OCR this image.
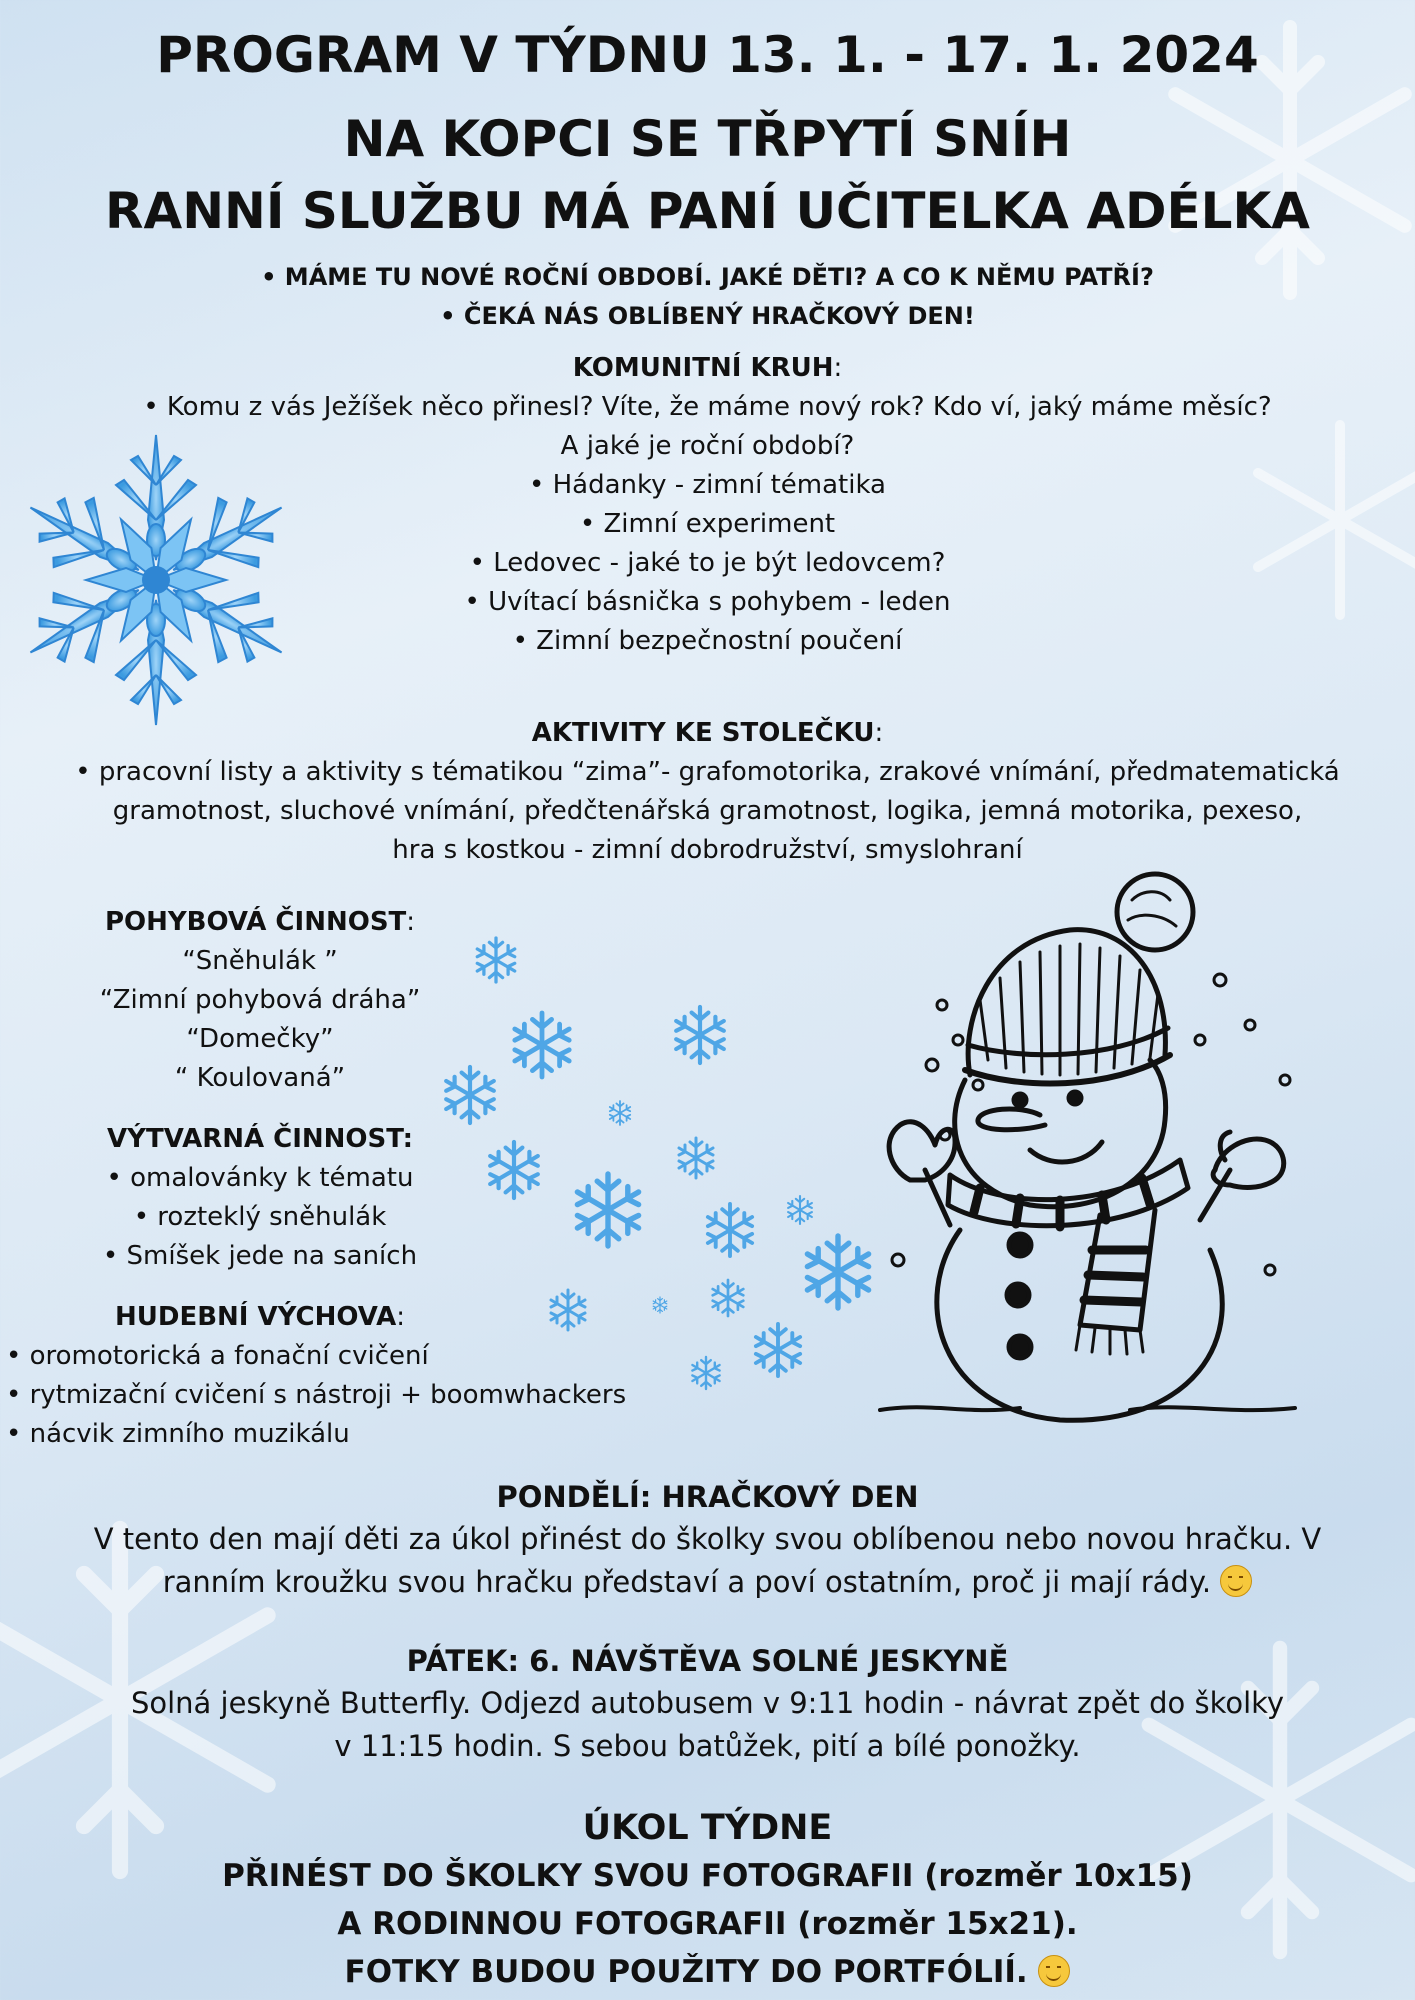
PROGRAM V TÝDNU 13. 1. - 17. 1. 2024
NA KOPCI SE TŘPYTÍ SNÍH
RANNÍ SLUŽBU MÁ PANÍ UČITELKA ADÉLKA
• MÁME TU NOVÉ ROČNÍ OBDOBÍ. JAKÉ DĚTI? A CO K NĚMU PATŘÍ?
• ČEKÁ NÁS OBLÍBENÝ HRAČKOVÝ DEN!
KOMUNITNÍ KRUH:
• Komu z vás Ježíšek něco přinesl? Víte, že máme nový rok? Kdo ví, jaký máme měsíc?
A jaké je roční období?
• Hádanky - zimní tématika
• Zimní experiment
• Ledovec - jaké to je být ledovcem?
• Uvítací básnička s pohybem - leden
• Zimní bezpečnostní poučení
AKTIVITY KE STOLEČKU:
• pracovní listy a aktivity s tématikou “zima”- grafomotorika, zrakové vnímání, předmatematická
gramotnost, sluchové vnímání, předčtenářská gramotnost, logika, jemná motorika, pexeso,
hra s kostkou - zimní dobrodružství, smyslohraní
POHYBOVÁ ČINNOST:
“Sněhulák ”
“Zimní pohybová dráha”
“Domečky”
“ Koulovaná”
VÝTVARNÁ ČINNOST:
• omalovánky k tématu
• rozteklý sněhulák
• Smíšek jede na saních
HUDEBNÍ VÝCHOVA:
• oromotorická a fonační cvičení
• rytmizační cvičení s nástroji + boomwhackers
• nácvik zimního muzikálu
PONDĚLÍ: HRAČKOVÝ DEN
V tento den mají děti za úkol přinést do školky svou oblíbenou nebo novou hračku. V
ranním kroužku svou hračku představí a poví ostatním, proč ji mají rády.
PÁTEK: 6. NÁVŠTĚVA SOLNÉ JESKYNĚ
Solná jeskyně Butterfly. Odjezd autobusem v 9:11 hodin - návrat zpět do školky
v 11:15 hodin. S sebou batůžek, pití a bílé ponožky.
ÚKOL TÝDNE
PŘINÉST DO ŠKOLKY SVOU FOTOGRAFII (rozměr 10x15)
A RODINNOU FOTOGRAFII (rozměr 15x21).
FOTKY BUDOU POUŽITY DO PORTFÓLIÍ.
